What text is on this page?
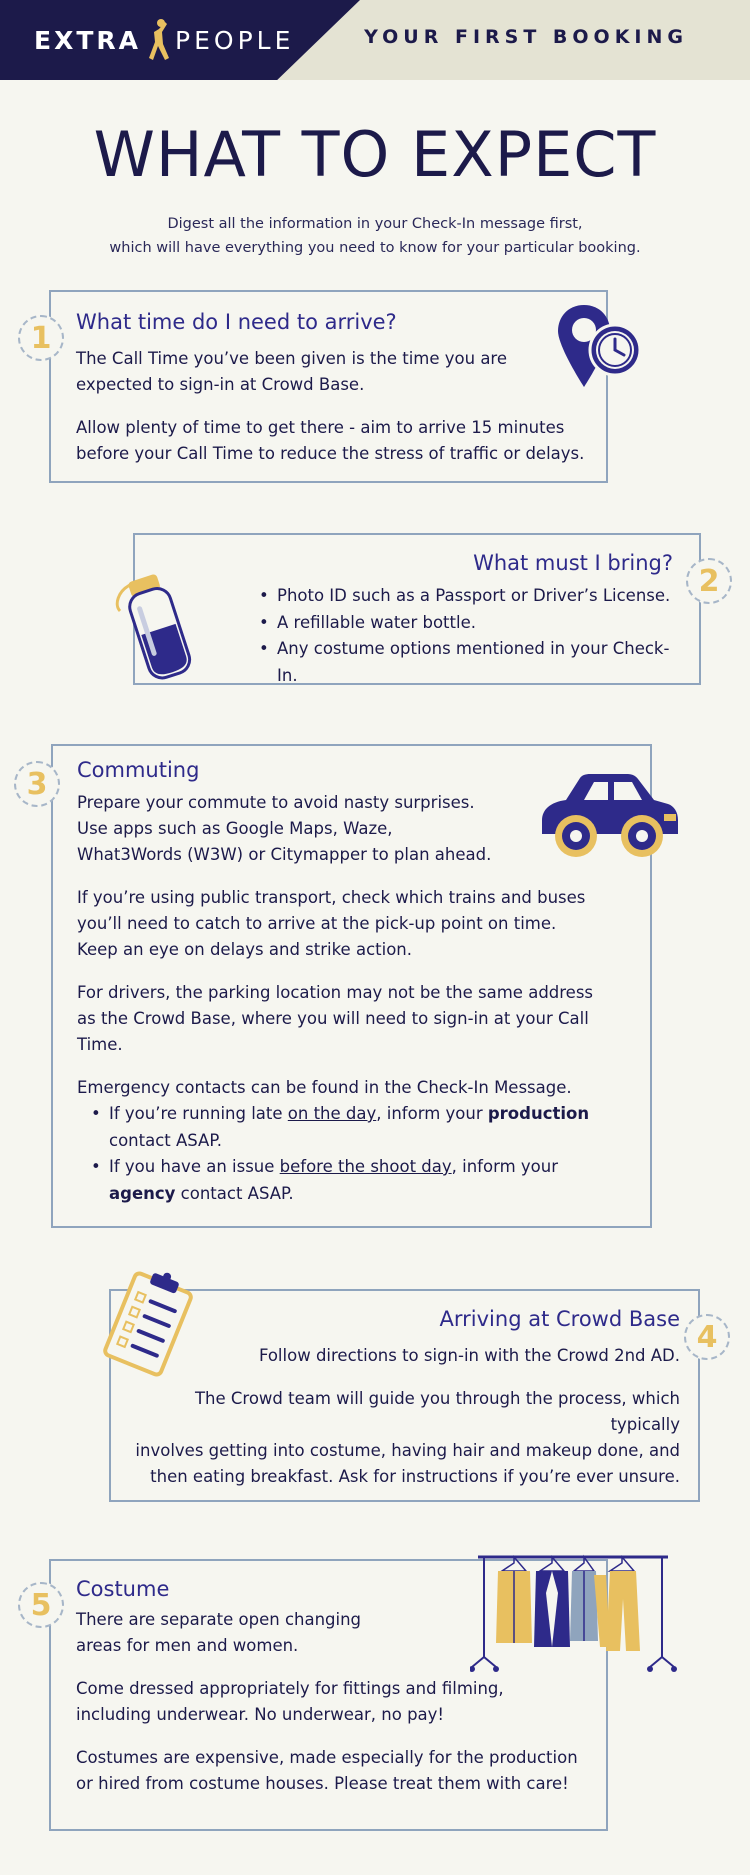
EXTRA PEOPLE	YOUR FIRST BOOKING
WHAT TO EXPECT
Digest all the information in your Check-In message first,
which will have everything you need to know for your particular booking.
What time do I need to arrive?

The Call Time you’ve been given is the time you are
expected to sign-in at Crowd Base.

Allow plenty of time to get there - aim to arrive 15 minutes
before your Call Time to reduce the stress of traffic or delays.

1
What must I bring?
• Photo ID such as a Passport or Driver’s License.
• A refillable water bottle.
• Any costume options mentioned in your Check-In.
2
Commuting

Prepare your commute to avoid nasty surprises.
Use apps such as Google Maps, Waze,
What3Words (W3W) or Citymapper to plan ahead.

If you’re using public transport, check which trains and buses
you’ll need to catch to arrive at the pick-up point on time.
Keep an eye on delays and strike action.

For drivers, the parking location may not be the same address
as the Crowd Base, where you will need to sign-in at your Call
Time.

Emergency contacts can be found in the Check-In Message.

• If you’re running late on the day, inform your production
contact ASAP.
• If you have an issue before the shoot day, inform your
agency contact ASAP.
3
Arriving at Crowd Base

Follow directions to sign-in with the Crowd 2nd AD.

The Crowd team will guide you through the process, which typically
involves getting into costume, having hair and makeup done, and
then eating breakfast. Ask for instructions if you’re ever unsure.

4
Costume

There are separate open changing
areas for men and women.

Come dressed appropriately for fittings and filming,
including underwear. No underwear, no pay!

Costumes are expensive, made especially for the production
or hired from costume houses. Please treat them with care!

5
